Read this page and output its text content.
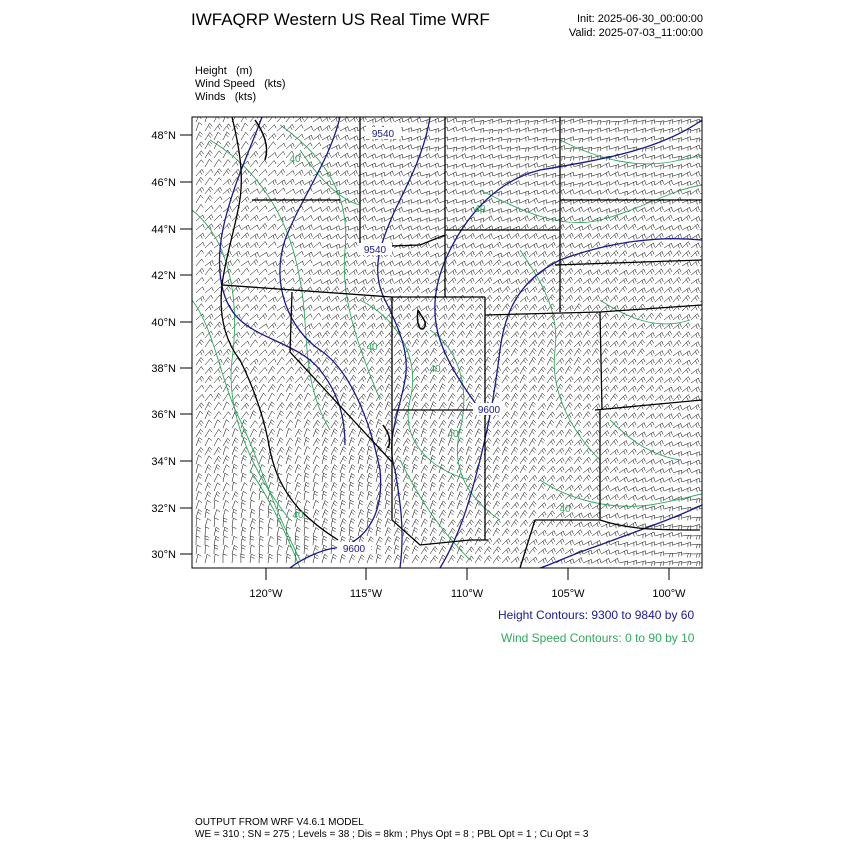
IWFAQRP Western US Real Time WRF	Init: 2025-06-30_00:00:00
Valid: 2025-07-03_11:00:00
Height (m)
Wind Speed (kts)
Winds (kts)
48°N
46°N
44°N
42°N
40°N
38°N
36°N
34°N
32°N
30°N
120°W	115°W	110°W	105°W	100°W
9540
9540
9600
9600
40
40
40
40
40
40
40
Height Contours: 9300 to 9840 by 60
Wind Speed Contours: 0 to 90 by 10
OUTPUT FROM WRF V4.6.1 MODEL
WE = 310 ; SN = 275 ; Levels = 38 ; Dis = 8km ; Phys Opt = 8 ; PBL Opt = 1 ; Cu Opt = 3
